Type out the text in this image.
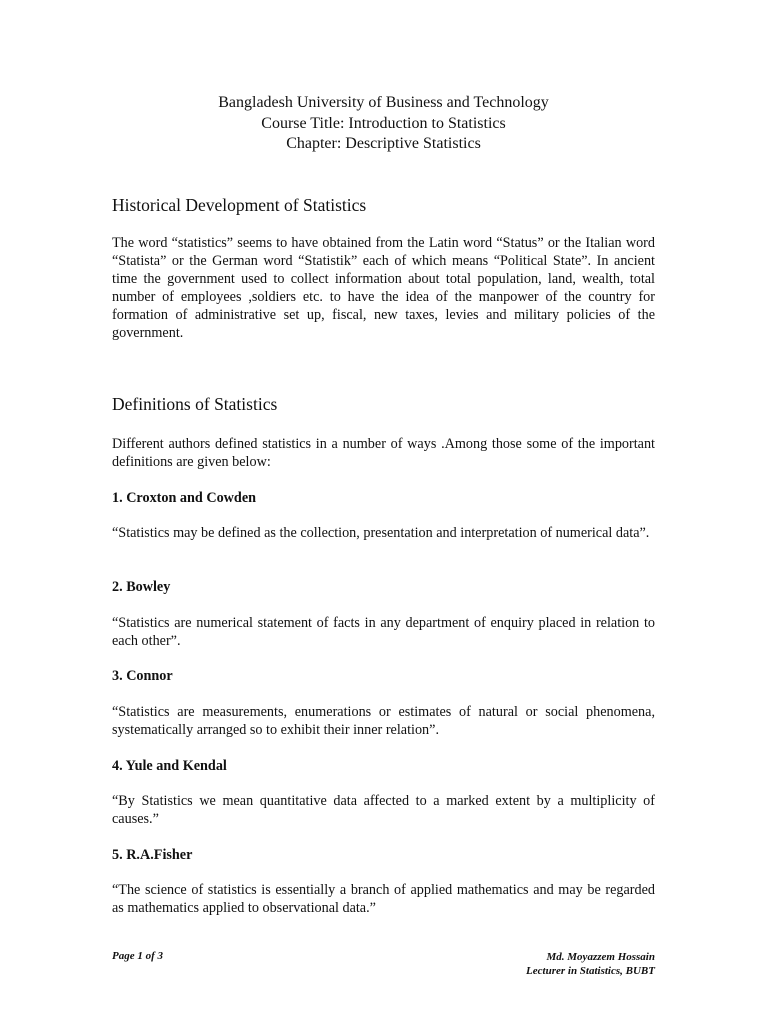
Bangladesh University of Business and Technology
Course Title: Introduction to Statistics
Chapter: Descriptive Statistics
Historical Development of Statistics

The word “statistics” seems to have obtained from the Latin word “Status” or the Italian word “Statista” or the German word “Statistik” each of which means “Political State”. In ancient time the government used to collect information about total population, land, wealth, total number of employees ,soldiers etc. to have the idea of the manpower of the country for formation of administrative set up, fiscal, new taxes, levies and military policies of the government.

Definitions of Statistics

Different authors defined statistics in a number of ways .Among those some of the important definitions are given below:

1. Croxton and Cowden

“Statistics may be defined as the collection, presentation and interpretation of numerical data”.

2. Bowley

“Statistics are numerical statement of facts in any department of enquiry placed in relation to each other”.

3. Connor

“Statistics are measurements, enumerations or estimates of natural or social phenomena, systematically arranged so to exhibit their inner relation”.

4. Yule and Kendal

“By Statistics we mean quantitative data affected to a marked extent by a multiplicity of causes.”

5. R.A.Fisher

“The science of statistics is essentially a branch of applied mathematics and may be regarded as mathematics applied to observational data.”

Page 1 of 3	Md. Moyazzem Hossain
Lecturer in Statistics, BUBT
